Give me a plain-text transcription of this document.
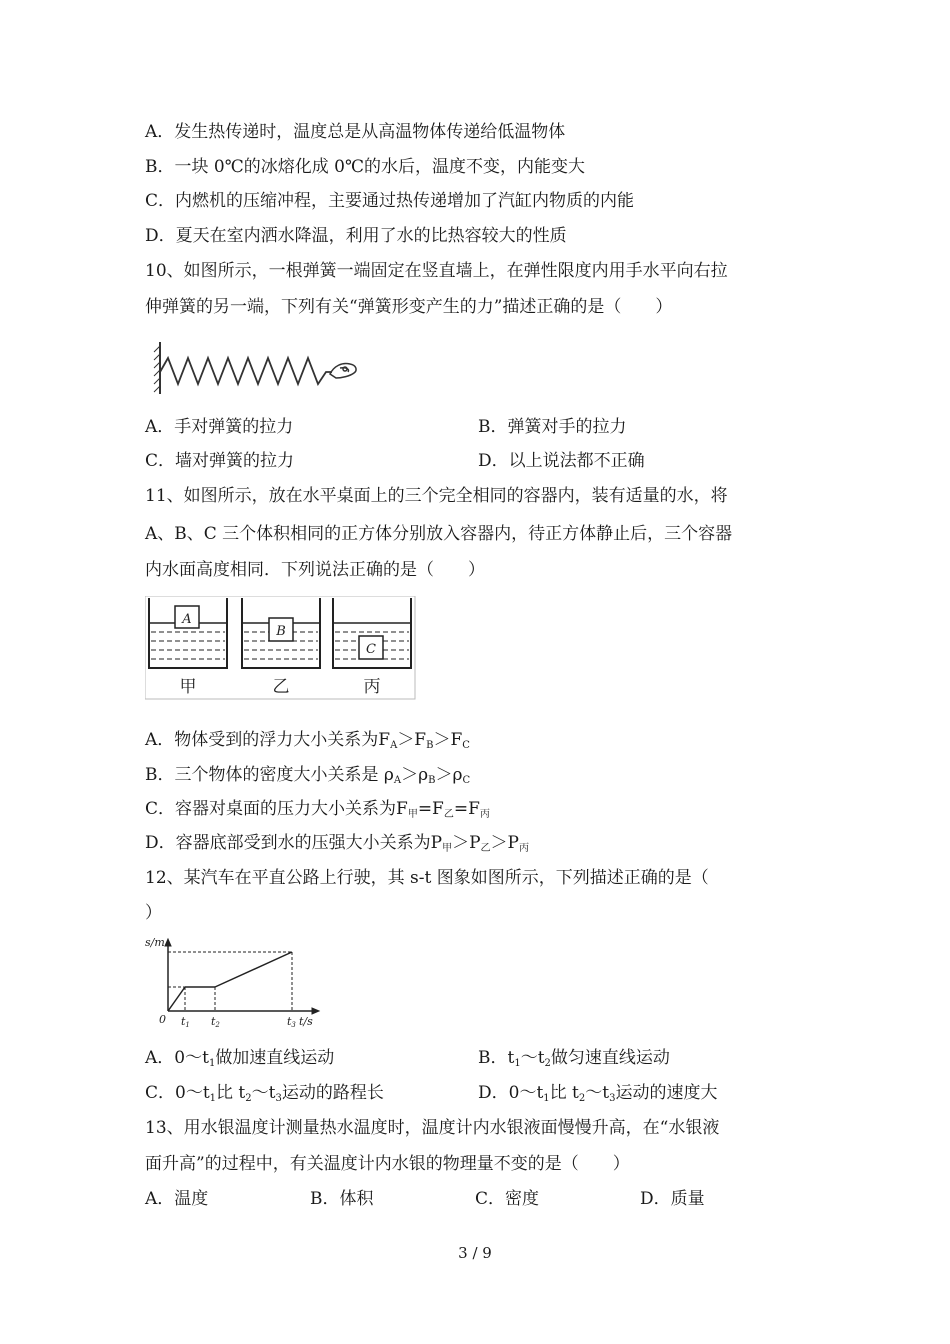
A．发生热传递时，温度总是从高温物体传递给低温物体
B．一块 0℃的冰熔化成 0℃的水后，温度不变，内能变大
C．内燃机的压缩冲程，主要通过热传递增加了汽缸内物质的内能
D．夏天在室内洒水降温，利用了水的比热容较大的性质
10、如图所示，一根弹簧一端固定在竖直墙上，在弹性限度内用手水平向右拉
伸弹簧的另一端，下列有关“弹簧形变产生的力”描述正确的是（　　）
A．手对弹簧的拉力	B．弹簧对手的拉力
C．墙对弹簧的拉力	D．以上说法都不正确
11、如图所示，放在水平桌面上的三个完全相同的容器内，装有适量的水，将
A、B、C 三个体积相同的正方体分别放入容器内，待正方体静止后，三个容器
内水面高度相同．下列说法正确的是（　　）
A
B
C
甲	乙	丙
A．物体受到的浮力大小关系为$F_A>F_B>F_C$
B．三个物体的密度大小关系是 $\rho_A>\rho_B>\rho_C$
C．容器对桌面的压力大小关系为$F_甲=F_乙=F_丙$
D．容器底部受到水的压强大小关系为$P_甲>P_乙>P_丙$
12、某汽车在平直公路上行驶，其 s-t 图象如图所示，下列描述正确的是（
）
s/m
0 t1 t2	t3 t/s
A．$0\sim t_1$做加速直线运动	B．$t_1\sim t_2$做匀速直线运动
C．$0\sim t_1$比 $t_2\sim t_3$运动的路程长	D．$0\sim t_1$比 $t_2\sim t_3$运动的速度大
13、用水银温度计测量热水温度时，温度计内水银液面慢慢升高，在“水银液
面升高”的过程中，有关温度计内水银的物理量不变的是（　　）
A．温度	B．体积	C．密度	D．质量
3 / 9
